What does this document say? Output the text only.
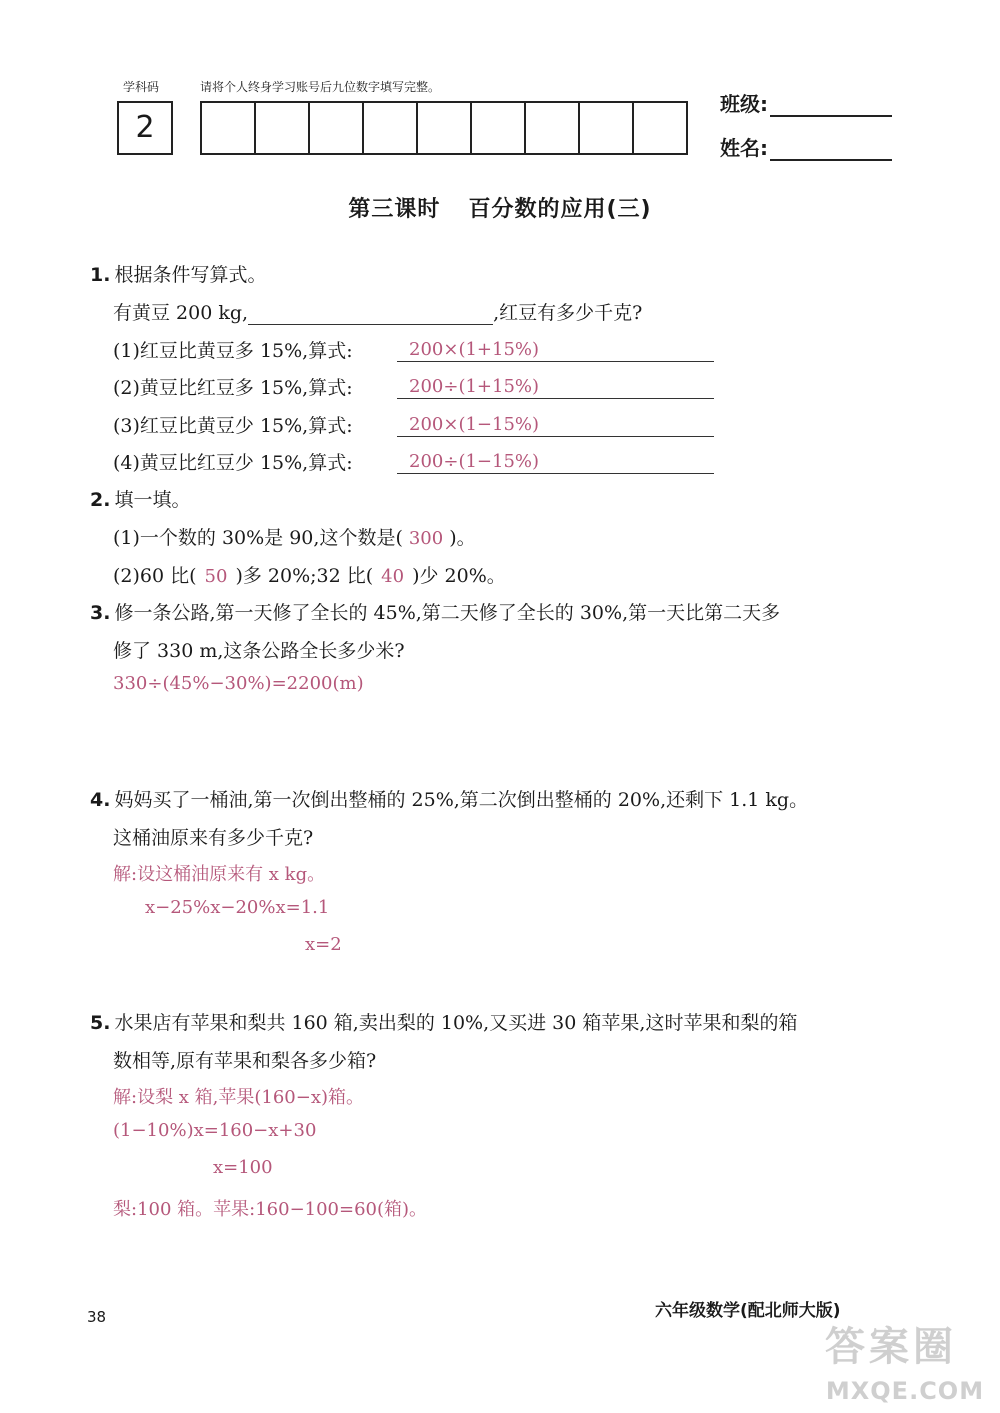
学科码	请将个人终身学习账号后九位数字填写完整。
2
班级:
姓名:
第三课时 百分数的应用(三)
1. 根据条件写算式。
有黄豆 200 kg,	,红豆有多少千克?
(1)红豆比黄豆多 15%,算式:	200×(1+15%)
(2)黄豆比红豆多 15%,算式:	200÷(1+15%)
(3)红豆比黄豆少 15%,算式:	200×(1−15%)
(4)黄豆比红豆少 15%,算式:	200÷(1−15%)
2. 填一填。
(1)一个数的 30%是 90,这个数是( 300 )。
(2)60 比( 50 )多 20%;32 比( 40 )少 20%。
3. 修一条公路,第一天修了全长的 45%,第二天修了全长的 30%,第一天比第二天多
修了 330 m,这条公路全长多少米?
330÷(45%−30%)=2200(m)
4. 妈妈买了一桶油,第一次倒出整桶的 25%,第二次倒出整桶的 20%,还剩下 1.1 kg。
这桶油原来有多少千克?
解:设这桶油原来有 x kg。
x−25%x−20%x=1.1
x=2
5. 水果店有苹果和梨共 160 箱,卖出梨的 10%,又买进 30 箱苹果,这时苹果和梨的箱
数相等,原有苹果和梨各多少箱?
解:设梨 x 箱,苹果(160−x)箱。
(1−10%)x=160−x+30
x=100
梨:100 箱。苹果:160−100=60(箱)。
38	六年级数学(配北师大版)
答案圈
MXQE.COM
